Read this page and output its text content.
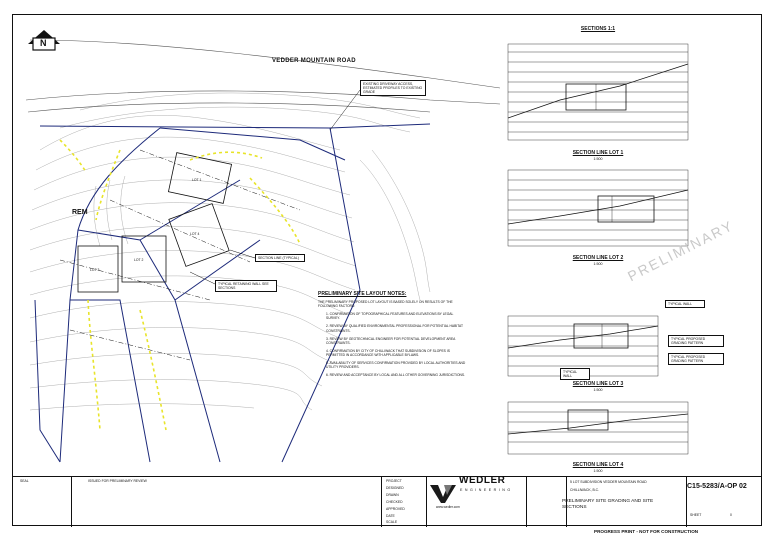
N
VEDDER MOUNTAIN ROAD
REM
EXISTING DRIVEWAY ACCESS, ESTIMATED PROFILES TO EXISTING GRADE
SECTION LINE (TYPICAL)
TYPICAL RETAINING WALL SEE SECTIONS
LOT 1
LOT 2
LOT 3
LOT 4
PRELIMINARY SITE LAYOUT NOTES:
THE PRELIMINARY PROPOSED LOT LAYOUT IS BASED SOLELY ON RESULTS OF THE FOLLOWING FACTORS:
1. CONFIRMATION OF TOPOGRAPHICAL FEATURES AND ELEVATIONS BY LEGAL SURVEY.
2. REVIEW BY QUALIFIED ENVIRONMENTAL PROFESSIONAL FOR POTENTIAL HABITAT CONSTRAINTS.
3. REVIEW BY GEOTECHNICAL ENGINEER FOR POTENTIAL DEVELOPMENT AREA CONSTRAINTS.
4. CONFIRMATION BY CITY OF CHILLIWACK THAT SUBDIVISION OF SLOPES IS PERMITTED IN ACCORDANCE WITH APPLICABLE BYLAWS.
5. AVAILABILITY OF SERVICES CONFIRMATION PROVIDED BY LOCAL AUTHORITIES AND UTILITY PROVIDERS.
6. REVIEW AND ACCEPTANCE BY LOCAL AND ALL OTHER GOVERNING JURISDICTIONS.
SECTIONS 1:1
SECTION LINE LOT 1
1:500
SECTION LINE LOT 2
1:500
SECTION LINE LOT 3
1:500
SECTION LINE LOT 4
1:500
TYPICAL WALL
TYPICAL PROPOSED GRADING PATTERN
TYPICAL PROPOSED GRADING PATTERN
TYPICAL WALL
PRELIMINARY
ISSUED FOR PRELIMINARY REVIEW	PROJECT
DESIGNED
DRAWN
CHECKED
APPROVED
DATE
SCALE
WEDLER
ENGINEERING
www.wedler.com
5 LOT SUBDIVISION VEDDER MOUNTAIN ROAD
CHILLIWACK, B.C.
PRELIMINARY SITE GRADING AND SITE SECTIONS
C15-5283/A-OP 02
SHEET	0
SEAL
PROGRESS PRINT - NOT FOR CONSTRUCTION
